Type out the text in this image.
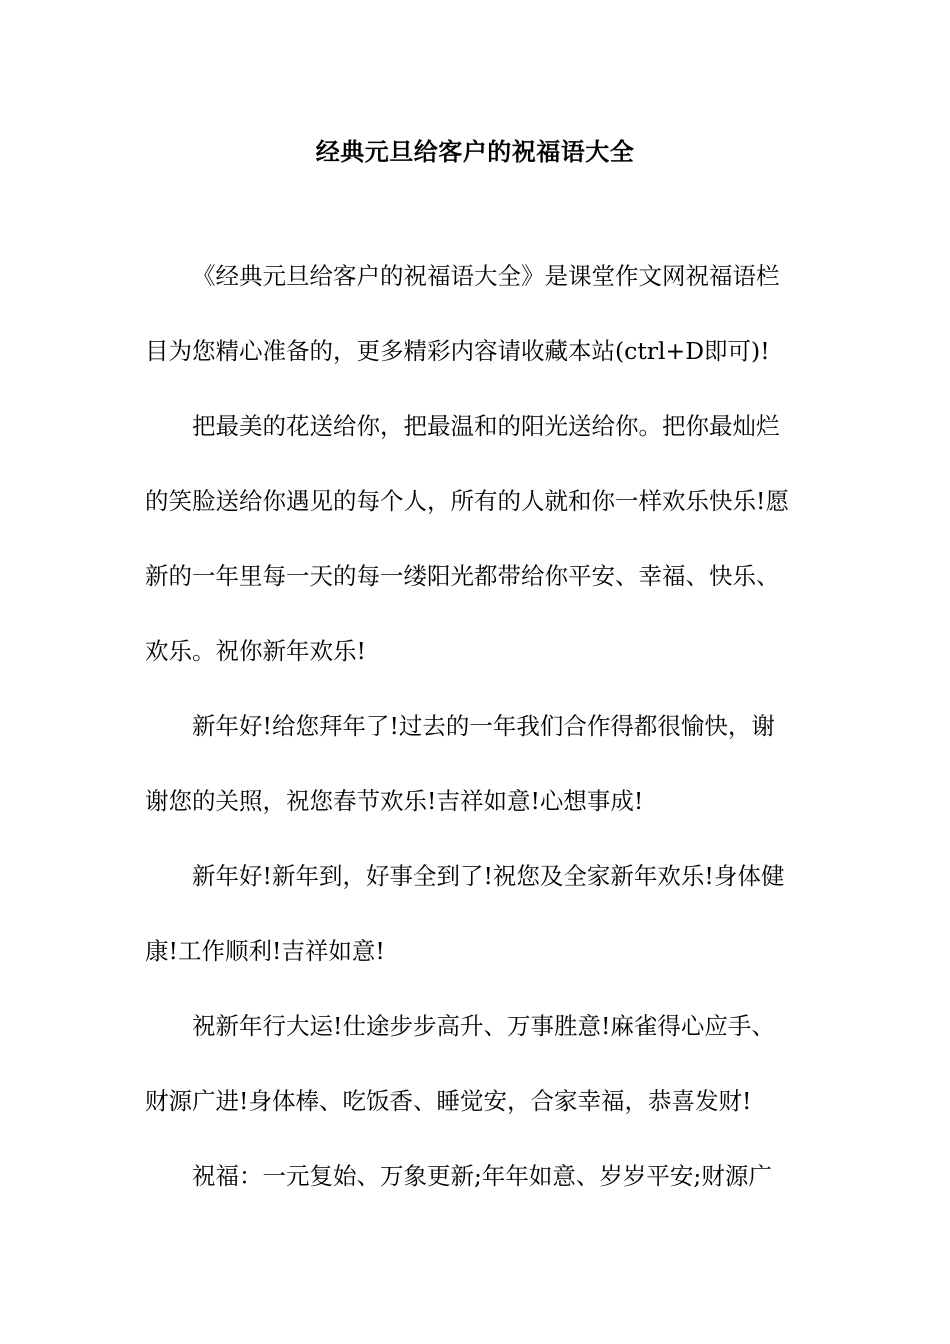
经典元旦给客户的祝福语大全
《经典元旦给客户的祝福语大全》是课堂作文网祝福语栏
目为您精心准备的，更多精彩内容请收藏本站(ctrl+D即可)!
把最美的花送给你，把最温和的阳光送给你。把你最灿烂
的笑脸送给你遇见的每个人，所有的人就和你一样欢乐快乐!愿
新的一年里每一天的每一缕阳光都带给你平安、幸福、快乐、
欢乐。祝你新年欢乐!
新年好!给您拜年了!过去的一年我们合作得都很愉快，谢
谢您的关照，祝您春节欢乐!吉祥如意!心想事成!
新年好!新年到，好事全到了!祝您及全家新年欢乐!身体健
康!工作顺利!吉祥如意!
祝新年行大运!仕途步步高升、万事胜意!麻雀得心应手、
财源广进!身体棒、吃饭香、睡觉安，合家幸福，恭喜发财!
祝福：一元复始、万象更新;年年如意、岁岁平安;财源广
